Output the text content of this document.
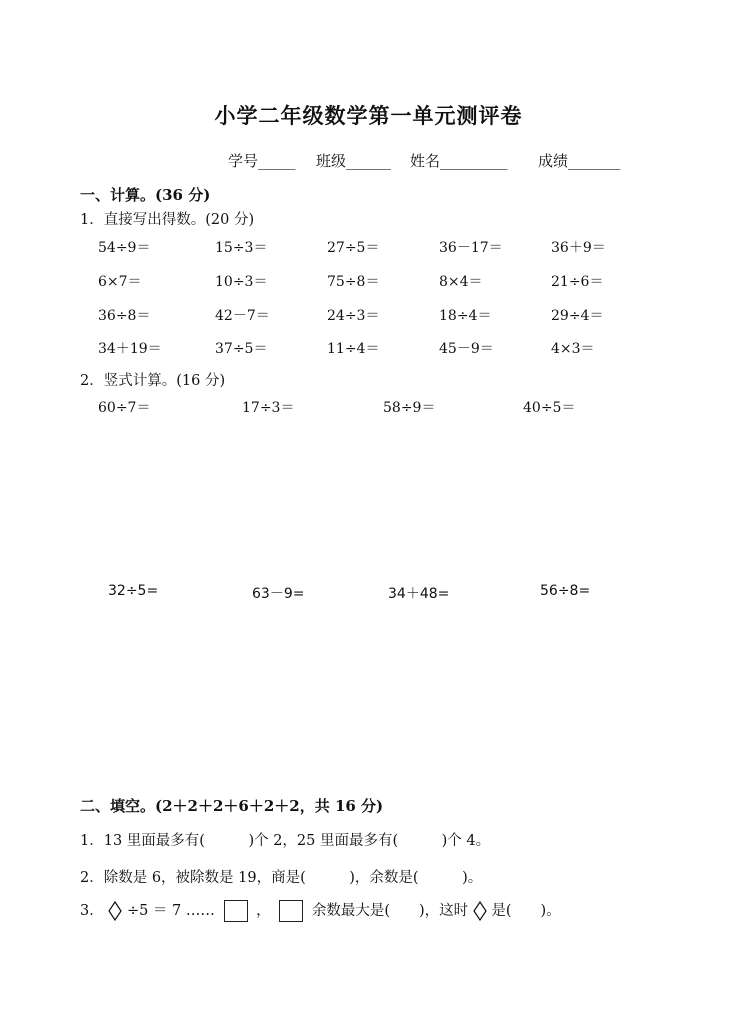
小学二年级数学第一单元测评卷
学号_____ 班级______ 姓名_________ 成绩_______
一、计算。(36 分)
1．直接写出得数。(20 分)
54÷9＝	15÷3＝	27÷5＝	36－17＝	36＋9＝
6×7＝	10÷3＝	75÷8＝	8×4＝	21÷6＝
36÷8＝	42－7＝	24÷3＝	18÷4＝	29÷4＝
34＋19＝	37÷5＝	11÷4＝	45－9＝	4×3＝
2．竖式计算。(16 分)
60÷7＝	17÷3＝	58÷9＝	40÷5＝
32÷5=	63－9=	34＋48=	56÷8=
二、填空。(2＋2＋2＋6＋2＋2，共 16 分)
1．13 里面最多有(　　　)个 2，25 里面最多有(　　　)个 4。
2．除数是 6，被除数是 19，商是(　　　)，余数是(　　　)。
3． ÷5 ＝ 7 ……	，	余数最大是(　　)，这时 是(　　)。
